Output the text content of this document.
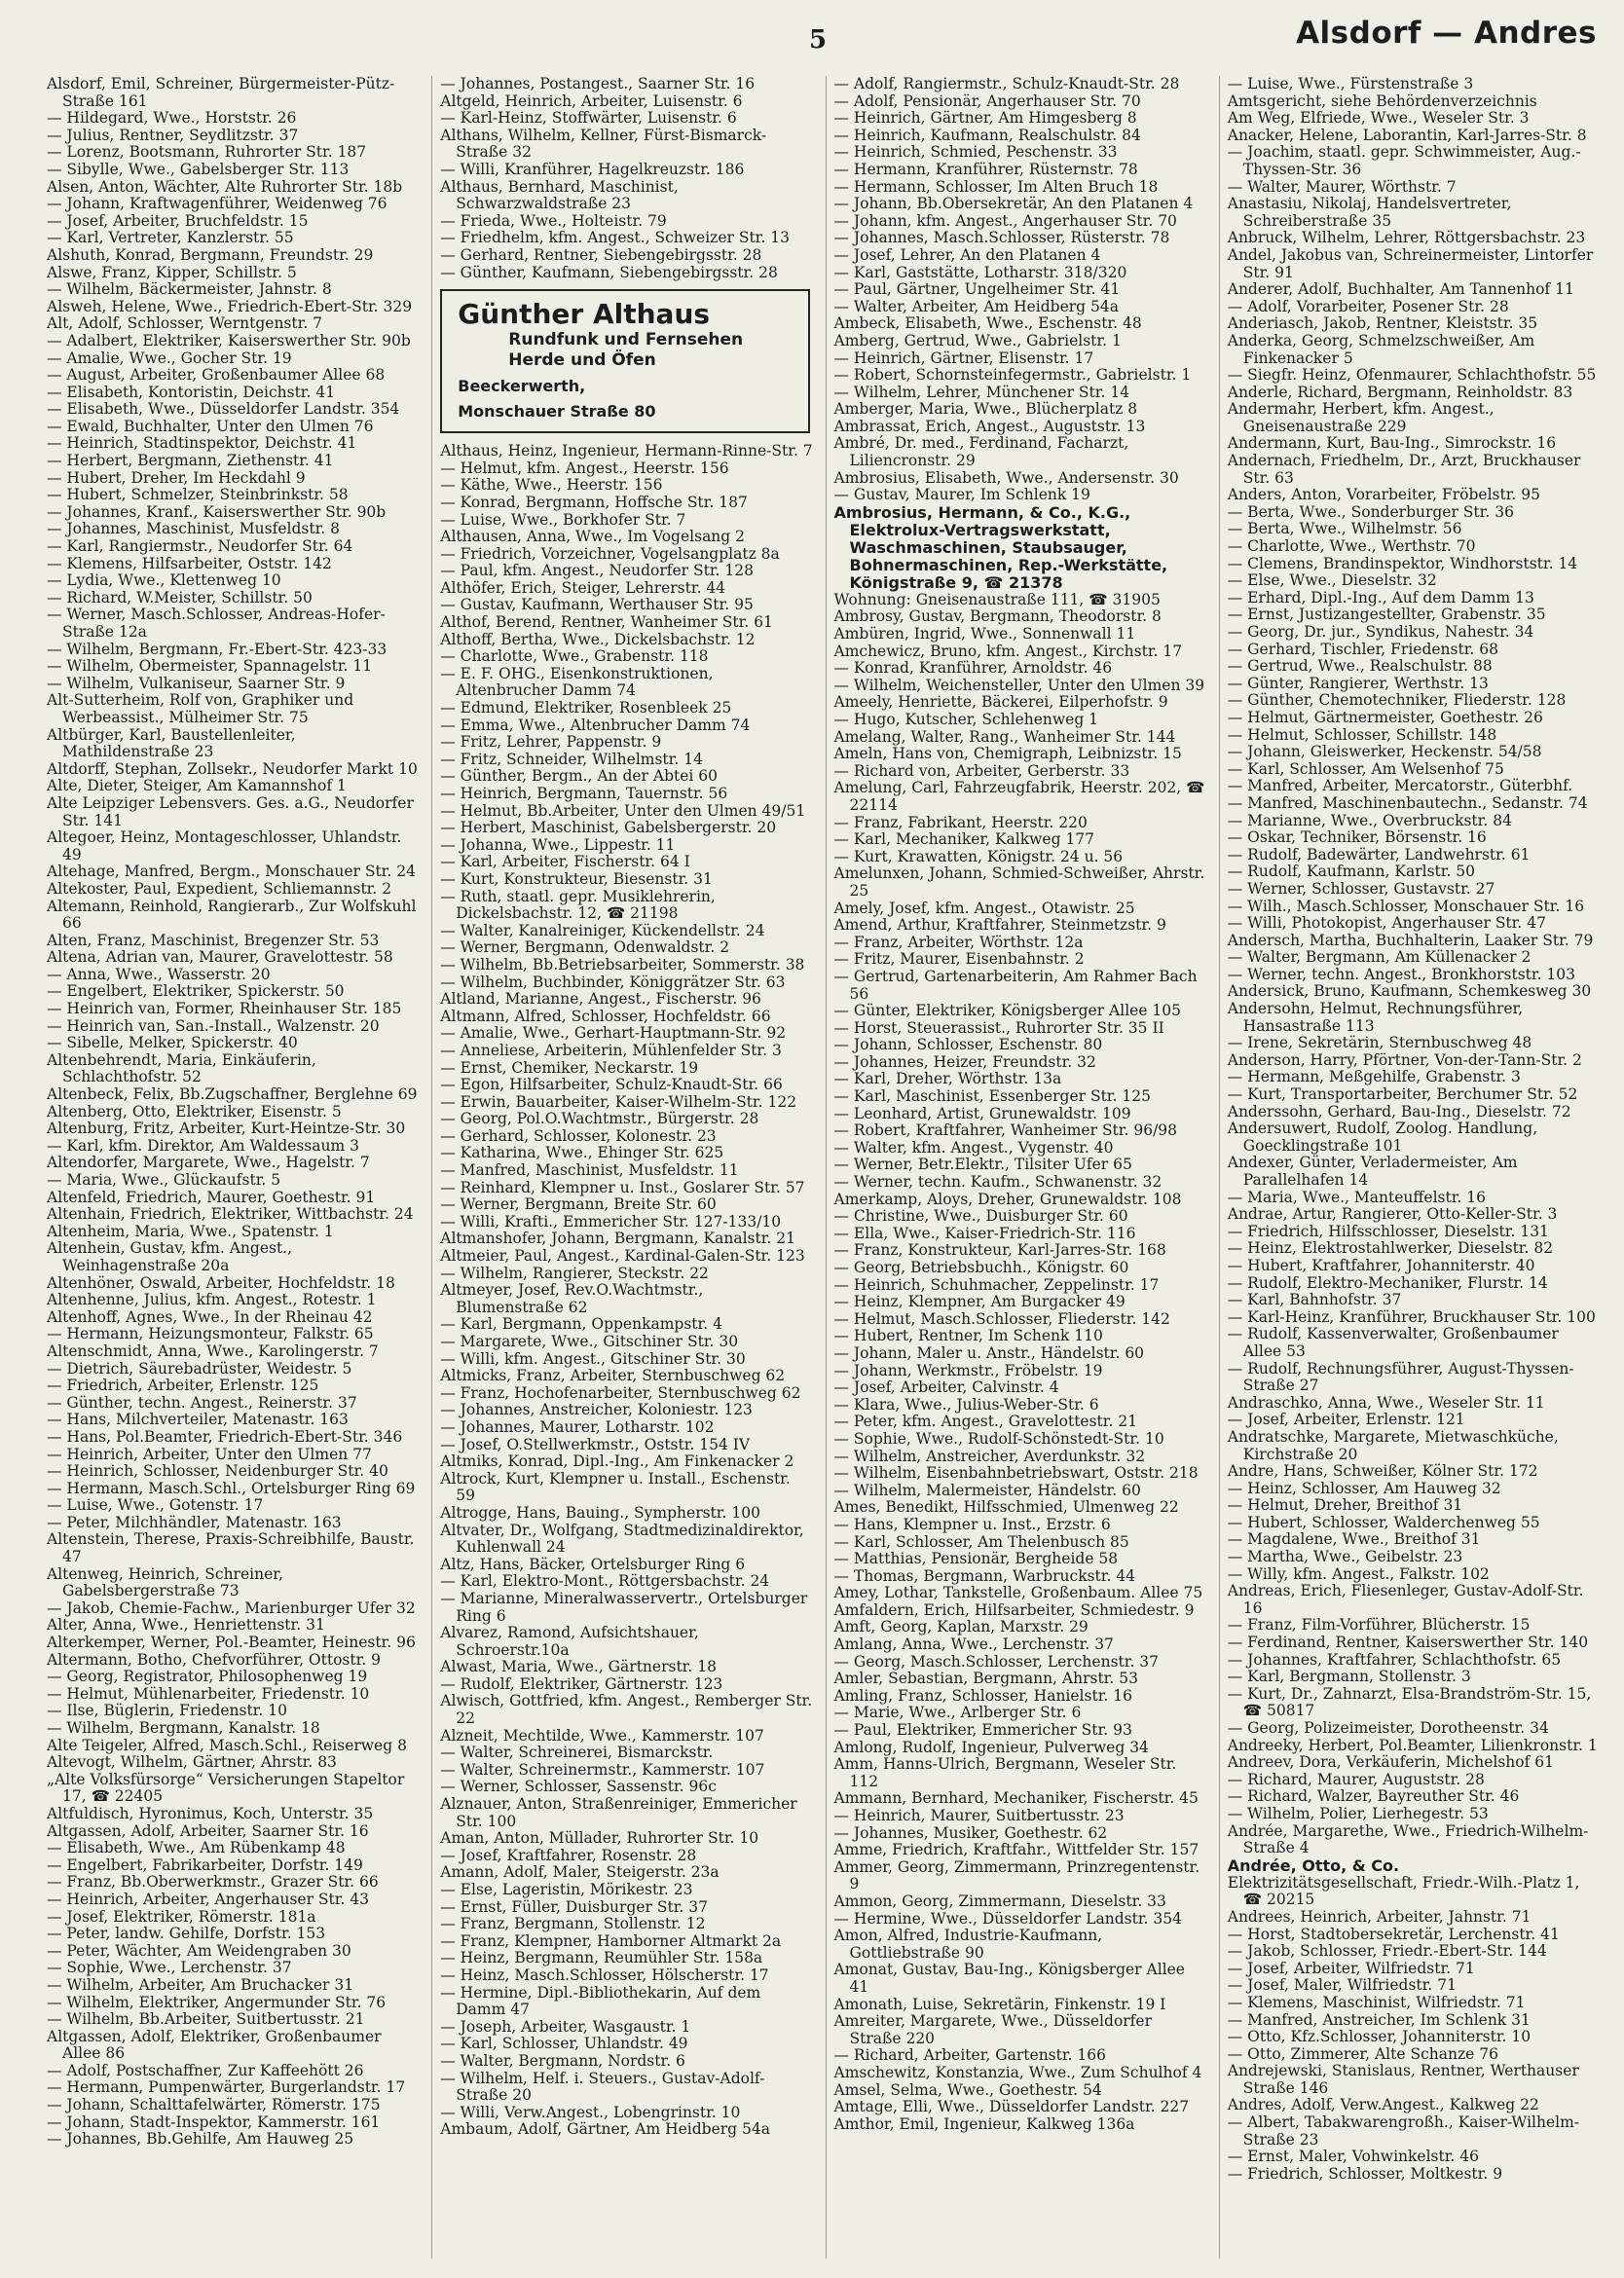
5	Alsdorf — Andres
Alsdorf, Emil, Schreiner, Bürgermeister-Pütz-Straße 161
— Hildegard, Wwe., Horststr. 26
— Julius, Rentner, Seydlitzstr. 37
— Lorenz, Bootsmann, Ruhrorter Str. 187
— Sibylle, Wwe., Gabelsberger Str. 113
Alsen, Anton, Wächter, Alte Ruhrorter Str. 18b
— Johann, Kraftwagenführer, Weidenweg 76
— Josef, Arbeiter, Bruchfeldstr. 15
— Karl, Vertreter, Kanzlerstr. 55
Alshuth, Konrad, Bergmann, Freundstr. 29
Alswe, Franz, Kipper, Schillstr. 5
— Wilhelm, Bäckermeister, Jahnstr. 8
Alsweh, Helene, Wwe., Friedrich-Ebert-Str. 329
Alt, Adolf, Schlosser, Werntgenstr. 7
— Adalbert, Elektriker, Kaiserswerther Str. 90b
— Amalie, Wwe., Gocher Str. 19
— August, Arbeiter, Großenbaumer Allee 68
— Elisabeth, Kontoristin, Deichstr. 41
— Elisabeth, Wwe., Düsseldorfer Landstr. 354
— Ewald, Buchhalter, Unter den Ulmen 76
— Heinrich, Stadtinspektor, Deichstr. 41
— Herbert, Bergmann, Ziethenstr. 41
— Hubert, Dreher, Im Heckdahl 9
— Hubert, Schmelzer, Steinbrinkstr. 58
— Johannes, Kranf., Kaiserswerther Str. 90b
— Johannes, Maschinist, Musfeldstr. 8
— Karl, Rangiermstr., Neudorfer Str. 64
— Klemens, Hilfsarbeiter, Oststr. 142
— Lydia, Wwe., Klettenweg 10
— Richard, W.Meister, Schillstr. 50
— Werner, Masch.Schlosser, Andreas-Hofer-Straße 12a
— Wilhelm, Bergmann, Fr.-Ebert-Str. 423-33
— Wilhelm, Obermeister, Spannagelstr. 11
— Wilhelm, Vulkaniseur, Saarner Str. 9
Alt-Sutterheim, Rolf von, Graphiker und Werbeassist., Mülheimer Str. 75
Altbürger, Karl, Baustellenleiter, Mathildenstraße 23
Altdorff, Stephan, Zollsekr., Neudorfer Markt 10
Alte, Dieter, Steiger, Am Kamannshof 1
Alte Leipziger Lebensvers. Ges. a.G., Neudorfer Str. 141
Altegoer, Heinz, Montageschlosser, Uhlandstr. 49
Altehage, Manfred, Bergm., Monschauer Str. 24
Altekoster, Paul, Expedient, Schliemannstr. 2
Altemann, Reinhold, Rangierarb., Zur Wolfskuhl 66
Alten, Franz, Maschinist, Bregenzer Str. 53
Altena, Adrian van, Maurer, Gravelottestr. 58
— Anna, Wwe., Wasserstr. 20
— Engelbert, Elektriker, Spickerstr. 50
— Heinrich van, Former, Rheinhauser Str. 185
— Heinrich van, San.-Install., Walzenstr. 20
— Sibelle, Melker, Spickerstr. 40
Altenbehrendt, Maria, Einkäuferin, Schlachthofstr. 52
Altenbeck, Felix, Bb.Zugschaffner, Berglehne 69
Altenberg, Otto, Elektriker, Eisenstr. 5
Altenburg, Fritz, Arbeiter, Kurt-Heintze-Str. 30
— Karl, kfm. Direktor, Am Waldessaum 3
Altendorfer, Margarete, Wwe., Hagelstr. 7
— Maria, Wwe., Glückaufstr. 5
Altenfeld, Friedrich, Maurer, Goethestr. 91
Altenhain, Friedrich, Elektriker, Wittbachstr. 24
Altenheim, Maria, Wwe., Spatenstr. 1
Altenhein, Gustav, kfm. Angest., Weinhagenstraße 20a
Altenhöner, Oswald, Arbeiter, Hochfeldstr. 18
Altenhenne, Julius, kfm. Angest., Rotestr. 1
Altenhoff, Agnes, Wwe., In der Rheinau 42
— Hermann, Heizungsmonteur, Falkstr. 65
Altenschmidt, Anna, Wwe., Karolingerstr. 7
— Dietrich, Säurebadrüster, Weidestr. 5
— Friedrich, Arbeiter, Erlenstr. 125
— Günther, techn. Angest., Reinerstr. 37
— Hans, Milchverteiler, Matenastr. 163
— Hans, Pol.Beamter, Friedrich-Ebert-Str. 346
— Heinrich, Arbeiter, Unter den Ulmen 77
— Heinrich, Schlosser, Neidenburger Str. 40
— Hermann, Masch.Schl., Ortelsburger Ring 69
— Luise, Wwe., Gotenstr. 17
— Peter, Milchhändler, Matenastr. 163
Altenstein, Therese, Praxis-Schreibhilfe, Baustr. 47
Altenweg, Heinrich, Schreiner, Gabelsbergerstraße 73
— Jakob, Chemie-Fachw., Marienburger Ufer 32
Alter, Anna, Wwe., Henriettenstr. 31
Alterkemper, Werner, Pol.-Beamter, Heinestr. 96
Altermann, Botho, Chefvorführer, Ottostr. 9
— Georg, Registrator, Philosophenweg 19
— Helmut, Mühlenarbeiter, Friedenstr. 10
— Ilse, Büglerin, Friedenstr. 10
— Wilhelm, Bergmann, Kanalstr. 18
Alte Teigeler, Alfred, Masch.Schl., Reiserweg 8
Altevogt, Wilhelm, Gärtner, Ahrstr. 83
„Alte Volksfürsorge“ Versicherungen Stapeltor 17, ☎ 22405
Altfuldisch, Hyronimus, Koch, Unterstr. 35
Altgassen, Adolf, Arbeiter, Saarner Str. 16
— Elisabeth, Wwe., Am Rübenkamp 48
— Engelbert, Fabrikarbeiter, Dorfstr. 149
— Franz, Bb.Oberwerkmstr., Grazer Str. 66
— Heinrich, Arbeiter, Angerhauser Str. 43
— Josef, Elektriker, Römerstr. 181a
— Peter, landw. Gehilfe, Dorfstr. 153
— Peter, Wächter, Am Weidengraben 30
— Sophie, Wwe., Lerchenstr. 37
— Wilhelm, Arbeiter, Am Bruchacker 31
— Wilhelm, Elektriker, Angermunder Str. 76
— Wilhelm, Bb.Arbeiter, Suitbertusstr. 21
Altgassen, Adolf, Elektriker, Großenbaumer Allee 86
— Adolf, Postschaffner, Zur Kaffeehött 26
— Hermann, Pumpenwärter, Burgerlandstr. 17
— Johann, Schalttafelwärter, Römerstr. 175
— Johann, Stadt-Inspektor, Kammerstr. 161
— Johannes, Bb.Gehilfe, Am Hauweg 25
— Johannes, Postangest., Saarner Str. 16
Altgeld, Heinrich, Arbeiter, Luisenstr. 6
— Karl-Heinz, Stoffwärter, Luisenstr. 6
Althans, Wilhelm, Kellner, Fürst-Bismarck-Straße 32
— Willi, Kranführer, Hagelkreuzstr. 186
Althaus, Bernhard, Maschinist, Schwarzwaldstraße 23
— Frieda, Wwe., Holteistr. 79
— Friedhelm, kfm. Angest., Schweizer Str. 13
— Gerhard, Rentner, Siebengebirgsstr. 28
— Günther, Kaufmann, Siebengebirgsstr. 28
Günther Althaus
Rundfunk und Fernsehen
Herde und Öfen
Beeckerwerth,
Monschauer Straße 80
Althaus, Heinz, Ingenieur, Hermann-Rinne-Str. 7
— Helmut, kfm. Angest., Heerstr. 156
— Käthe, Wwe., Heerstr. 156
— Konrad, Bergmann, Hoffsche Str. 187
— Luise, Wwe., Borkhofer Str. 7
Althausen, Anna, Wwe., Im Vogelsang 2
— Friedrich, Vorzeichner, Vogelsangplatz 8a
— Paul, kfm. Angest., Neudorfer Str. 128
Althöfer, Erich, Steiger, Lehrerstr. 44
— Gustav, Kaufmann, Werthauser Str. 95
Althof, Berend, Rentner, Wanheimer Str. 61
Althoff, Bertha, Wwe., Dickelsbachstr. 12
— Charlotte, Wwe., Grabenstr. 118
— E. F. OHG., Eisenkonstruktionen, Altenbrucher Damm 74
— Edmund, Elektriker, Rosenbleek 25
— Emma, Wwe., Altenbrucher Damm 74
— Fritz, Lehrer, Pappenstr. 9
— Fritz, Schneider, Wilhelmstr. 14
— Günther, Bergm., An der Abtei 60
— Heinrich, Bergmann, Tauernstr. 56
— Helmut, Bb.Arbeiter, Unter den Ulmen 49/51
— Herbert, Maschinist, Gabelsbergerstr. 20
— Johanna, Wwe., Lippestr. 11
— Karl, Arbeiter, Fischerstr. 64 I
— Kurt, Konstrukteur, Biesenstr. 31
— Ruth, staatl. gepr. Musiklehrerin, Dickelsbachstr. 12, ☎ 21198
— Walter, Kanalreiniger, Kückendellstr. 24
— Werner, Bergmann, Odenwaldstr. 2
— Wilhelm, Bb.Betriebsarbeiter, Sommerstr. 38
— Wilhelm, Buchbinder, Königgrätzer Str. 63
Altland, Marianne, Angest., Fischerstr. 96
Altmann, Alfred, Schlosser, Hochfeldstr. 66
— Amalie, Wwe., Gerhart-Hauptmann-Str. 92
— Anneliese, Arbeiterin, Mühlenfelder Str. 3
— Ernst, Chemiker, Neckarstr. 19
— Egon, Hilfsarbeiter, Schulz-Knaudt-Str. 66
— Erwin, Bauarbeiter, Kaiser-Wilhelm-Str. 122
— Georg, Pol.O.Wachtmstr., Bürgerstr. 28
— Gerhard, Schlosser, Kolonestr. 23
— Katharina, Wwe., Ehinger Str. 625
— Manfred, Maschinist, Musfeldstr. 11
— Reinhard, Klempner u. Inst., Goslarer Str. 57
— Werner, Bergmann, Breite Str. 60
— Willi, Krafti., Emmericher Str. 127-133/10
Altmanshofer, Johann, Bergmann, Kanalstr. 21
Altmeier, Paul, Angest., Kardinal-Galen-Str. 123
— Wilhelm, Rangierer, Steckstr. 22
Altmeyer, Josef, Rev.O.Wachtmstr., Blumenstraße 62
— Karl, Bergmann, Oppenkampstr. 4
— Margarete, Wwe., Gitschiner Str. 30
— Willi, kfm. Angest., Gitschiner Str. 30
Altmicks, Franz, Arbeiter, Sternbuschweg 62
— Franz, Hochofenarbeiter, Sternbuschweg 62
— Johannes, Anstreicher, Koloniestr. 123
— Johannes, Maurer, Lotharstr. 102
— Josef, O.Stellwerkmstr., Oststr. 154 IV
Altmiks, Konrad, Dipl.-Ing., Am Finkenacker 2
Altrock, Kurt, Klempner u. Install., Eschenstr. 59
Altrogge, Hans, Bauing., Sympherstr. 100
Altvater, Dr., Wolfgang, Stadtmedizinaldirektor, Kuhlenwall 24
Altz, Hans, Bäcker, Ortelsburger Ring 6
— Karl, Elektro-Mont., Röttgersbachstr. 24
— Marianne, Mineralwasservertr., Ortelsburger Ring 6
Alvarez, Ramond, Aufsichtshauer, Schroerstr.10a
Alwast, Maria, Wwe., Gärtnerstr. 18
— Rudolf, Elektriker, Gärtnerstr. 123
Alwisch, Gottfried, kfm. Angest., Remberger Str. 22
Alzneit, Mechtilde, Wwe., Kammerstr. 107
— Walter, Schreinerei, Bismarckstr.
— Walter, Schreinermstr., Kammerstr. 107
— Werner, Schlosser, Sassenstr. 96c
Alznauer, Anton, Straßenreiniger, Emmericher Str. 100
Aman, Anton, Müllader, Ruhrorter Str. 10
— Josef, Kraftfahrer, Rosenstr. 28
Amann, Adolf, Maler, Steigerstr. 23a
— Else, Lageristin, Mörikestr. 23
— Ernst, Füller, Duisburger Str. 37
— Franz, Bergmann, Stollenstr. 12
— Franz, Klempner, Hamborner Altmarkt 2a
— Heinz, Bergmann, Reumühler Str. 158a
— Heinz, Masch.Schlosser, Hölscherstr. 17
— Hermine, Dipl.-Bibliothekarin, Auf dem Damm 47
— Joseph, Arbeiter, Wasgaustr. 1
— Karl, Schlosser, Uhlandstr. 49
— Walter, Bergmann, Nordstr. 6
— Wilhelm, Helf. i. Steuers., Gustav-Adolf-Straße 20
— Willi, Verw.Angest., Lobengrinstr. 10
Ambaum, Adolf, Gärtner, Am Heidberg 54a
— Adolf, Rangiermstr., Schulz-Knaudt-Str. 28
— Adolf, Pensionär, Angerhauser Str. 70
— Heinrich, Gärtner, Am Himgesberg 8
— Heinrich, Kaufmann, Realschulstr. 84
— Heinrich, Schmied, Peschenstr. 33
— Hermann, Kranführer, Rüsternstr. 78
— Hermann, Schlosser, Im Alten Bruch 18
— Johann, Bb.Obersekretär, An den Platanen 4
— Johann, kfm. Angest., Angerhauser Str. 70
— Johannes, Masch.Schlosser, Rüsterstr. 78
— Josef, Lehrer, An den Platanen 4
— Karl, Gaststätte, Lotharstr. 318/320
— Paul, Gärtner, Ungelheimer Str. 41
— Walter, Arbeiter, Am Heidberg 54a
Ambeck, Elisabeth, Wwe., Eschenstr. 48
Amberg, Gertrud, Wwe., Gabrielstr. 1
— Heinrich, Gärtner, Elisenstr. 17
— Robert, Schornsteinfegermstr., Gabrielstr. 1
— Wilhelm, Lehrer, Münchener Str. 14
Amberger, Maria, Wwe., Blücherplatz 8
Ambrassat, Erich, Angest., Auguststr. 13
Ambré, Dr. med., Ferdinand, Facharzt, Liliencronstr. 29
Ambrosius, Elisabeth, Wwe., Andersenstr. 30
— Gustav, Maurer, Im Schlenk 19
Ambrosius, Hermann, & Co., K.G., Elektrolux-Vertragswerkstatt, Waschmaschinen, Staubsauger, Bohnermaschinen, Rep.-Werkstätte, Königstraße 9, ☎ 21378
Wohnung: Gneisenaustraße 111, ☎ 31905
Ambrosy, Gustav, Bergmann, Theodorstr. 8
Ambüren, Ingrid, Wwe., Sonnenwall 11
Amchewicz, Bruno, kfm. Angest., Kirchstr. 17
— Konrad, Kranführer, Arnoldstr. 46
— Wilhelm, Weichensteller, Unter den Ulmen 39
Ameely, Henriette, Bäckerei, Eilperhofstr. 9
— Hugo, Kutscher, Schlehenweg 1
Amelang, Walter, Rang., Wanheimer Str. 144
Ameln, Hans von, Chemigraph, Leibnizstr. 15
— Richard von, Arbeiter, Gerberstr. 33
Amelung, Carl, Fahrzeugfabrik, Heerstr. 202, ☎ 22114
— Franz, Fabrikant, Heerstr. 220
— Karl, Mechaniker, Kalkweg 177
— Kurt, Krawatten, Königstr. 24 u. 56
Amelunxen, Johann, Schmied-Schweißer, Ahrstr. 25
Amely, Josef, kfm. Angest., Otawistr. 25
Amend, Arthur, Kraftfahrer, Steinmetzstr. 9
— Franz, Arbeiter, Wörthstr. 12a
— Fritz, Maurer, Eisenbahnstr. 2
— Gertrud, Gartenarbeiterin, Am Rahmer Bach 56
— Günter, Elektriker, Königsberger Allee 105
— Horst, Steuerassist., Ruhrorter Str. 35 II
— Johann, Schlosser, Eschenstr. 80
— Johannes, Heizer, Freundstr. 32
— Karl, Dreher, Wörthstr. 13a
— Karl, Maschinist, Essenberger Str. 125
— Leonhard, Artist, Grunewaldstr. 109
— Robert, Kraftfahrer, Wanheimer Str. 96/98
— Walter, kfm. Angest., Vygenstr. 40
— Werner, Betr.Elektr., Tilsiter Ufer 65
— Werner, techn. Kaufm., Schwanenstr. 32
Amerkamp, Aloys, Dreher, Grunewaldstr. 108
— Christine, Wwe., Duisburger Str. 60
— Ella, Wwe., Kaiser-Friedrich-Str. 116
— Franz, Konstrukteur, Karl-Jarres-Str. 168
— Georg, Betriebsbuchh., Königstr. 60
— Heinrich, Schuhmacher, Zeppelinstr. 17
— Heinz, Klempner, Am Burgacker 49
— Helmut, Masch.Schlosser, Fliederstr. 142
— Hubert, Rentner, Im Schenk 110
— Johann, Maler u. Anstr., Händelstr. 60
— Johann, Werkmstr., Fröbelstr. 19
— Josef, Arbeiter, Calvinstr. 4
— Klara, Wwe., Julius-Weber-Str. 6
— Peter, kfm. Angest., Gravelottestr. 21
— Sophie, Wwe., Rudolf-Schönstedt-Str. 10
— Wilhelm, Anstreicher, Averdunkstr. 32
— Wilhelm, Eisenbahnbetriebswart, Oststr. 218
— Wilhelm, Malermeister, Händelstr. 60
Ames, Benedikt, Hilfsschmied, Ulmenweg 22
— Hans, Klempner u. Inst., Erzstr. 6
— Karl, Schlosser, Am Thelenbusch 85
— Matthias, Pensionär, Bergheide 58
— Thomas, Bergmann, Warbruckstr. 44
Amey, Lothar, Tankstelle, Großenbaum. Allee 75
Amfaldern, Erich, Hilfsarbeiter, Schmiedestr. 9
Amft, Georg, Kaplan, Marxstr. 29
Amlang, Anna, Wwe., Lerchenstr. 37
— Georg, Masch.Schlosser, Lerchenstr. 37
Amler, Sebastian, Bergmann, Ahrstr. 53
Amling, Franz, Schlosser, Hanielstr. 16
— Marie, Wwe., Arlberger Str. 6
— Paul, Elektriker, Emmericher Str. 93
Amlong, Rudolf, Ingenieur, Pulverweg 34
Amm, Hanns-Ulrich, Bergmann, Weseler Str. 112
Ammann, Bernhard, Mechaniker, Fischerstr. 45
— Heinrich, Maurer, Suitbertusstr. 23
— Johannes, Musiker, Goethestr. 62
Amme, Friedrich, Kraftfahr., Wittfelder Str. 157
Ammer, Georg, Zimmermann, Prinzregentenstr. 9
Ammon, Georg, Zimmermann, Dieselstr. 33
— Hermine, Wwe., Düsseldorfer Landstr. 354
Amon, Alfred, Industrie-Kaufmann, Gottliebstraße 90
Amonat, Gustav, Bau-Ing., Königsberger Allee 41
Amonath, Luise, Sekretärin, Finkenstr. 19 I
Amreiter, Margarete, Wwe., Düsseldorfer Straße 220
— Richard, Arbeiter, Gartenstr. 166
Amschewitz, Konstanzia, Wwe., Zum Schulhof 4
Amsel, Selma, Wwe., Goethestr. 54
Amtage, Elli, Wwe., Düsseldorfer Landstr. 227
Amthor, Emil, Ingenieur, Kalkweg 136a
— Luise, Wwe., Fürstenstraße 3
Amtsgericht, siehe Behördenverzeichnis
Am Weg, Elfriede, Wwe., Weseler Str. 3
Anacker, Helene, Laborantin, Karl-Jarres-Str. 8
— Joachim, staatl. gepr. Schwimmeister, Aug.-Thyssen-Str. 36
— Walter, Maurer, Wörthstr. 7
Anastasiu, Nikolaj, Handelsvertreter, Schreiberstraße 35
Anbruck, Wilhelm, Lehrer, Röttgersbachstr. 23
Andel, Jakobus van, Schreinermeister, Lintorfer Str. 91
Anderer, Adolf, Buchhalter, Am Tannenhof 11
— Adolf, Vorarbeiter, Posener Str. 28
Anderiasch, Jakob, Rentner, Kleiststr. 35
Anderka, Georg, Schmelzschweißer, Am Finkenacker 5
— Siegfr. Heinz, Ofenmaurer, Schlachthofstr. 55
Anderle, Richard, Bergmann, Reinholdstr. 83
Andermahr, Herbert, kfm. Angest., Gneisenaustraße 229
Andermann, Kurt, Bau-Ing., Simrockstr. 16
Andernach, Friedhelm, Dr., Arzt, Bruckhauser Str. 63
Anders, Anton, Vorarbeiter, Fröbelstr. 95
— Berta, Wwe., Sonderburger Str. 36
— Berta, Wwe., Wilhelmstr. 56
— Charlotte, Wwe., Werthstr. 70
— Clemens, Brandinspektor, Windhorststr. 14
— Else, Wwe., Dieselstr. 32
— Erhard, Dipl.-Ing., Auf dem Damm 13
— Ernst, Justizangestellter, Grabenstr. 35
— Georg, Dr. jur., Syndikus, Nahestr. 34
— Gerhard, Tischler, Friedenstr. 68
— Gertrud, Wwe., Realschulstr. 88
— Günter, Rangierer, Werthstr. 13
— Günther, Chemotechniker, Fliederstr. 128
— Helmut, Gärtnermeister, Goethestr. 26
— Helmut, Schlosser, Schillstr. 148
— Johann, Gleiswerker, Heckenstr. 54/58
— Karl, Schlosser, Am Welsenhof 75
— Manfred, Arbeiter, Mercatorstr., Güterbhf.
— Manfred, Maschinenbautechn., Sedanstr. 74
— Marianne, Wwe., Overbruckstr. 84
— Oskar, Techniker, Börsenstr. 16
— Rudolf, Badewärter, Landwehrstr. 61
— Rudolf, Kaufmann, Karlstr. 50
— Werner, Schlosser, Gustavstr. 27
— Wilh., Masch.Schlosser, Monschauer Str. 16
— Willi, Photokopist, Angerhauser Str. 47
Andersch, Martha, Buchhalterin, Laaker Str. 79
— Walter, Bergmann, Am Küllenacker 2
— Werner, techn. Angest., Bronkhorststr. 103
Andersick, Bruno, Kaufmann, Schemkesweg 30
Andersohn, Helmut, Rechnungsführer, Hansastraße 113
— Irene, Sekretärin, Sternbuschweg 48
Anderson, Harry, Pförtner, Von-der-Tann-Str. 2
— Hermann, Meßgehilfe, Grabenstr. 3
— Kurt, Transportarbeiter, Berchumer Str. 52
Anderssohn, Gerhard, Bau-Ing., Dieselstr. 72
Andersuwert, Rudolf, Zoolog. Handlung, Goecklingstraße 101
Andexer, Günter, Verladermeister, Am Parallelhafen 14
— Maria, Wwe., Manteuffelstr. 16
Andrae, Artur, Rangierer, Otto-Keller-Str. 3
— Friedrich, Hilfsschlosser, Dieselstr. 131
— Heinz, Elektrostahlwerker, Dieselstr. 82
— Hubert, Kraftfahrer, Johanniterstr. 40
— Rudolf, Elektro-Mechaniker, Flurstr. 14
— Karl, Bahnhofstr. 37
— Karl-Heinz, Kranführer, Bruckhauser Str. 100
— Rudolf, Kassenverwalter, Großenbaumer Allee 53
— Rudolf, Rechnungsführer, August-Thyssen-Straße 27
Andraschko, Anna, Wwe., Weseler Str. 11
— Josef, Arbeiter, Erlenstr. 121
Andratschke, Margarete, Mietwaschküche, Kirchstraße 20
Andre, Hans, Schweißer, Kölner Str. 172
— Heinz, Schlosser, Am Hauweg 32
— Helmut, Dreher, Breithof 31
— Hubert, Schlosser, Walderchenweg 55
— Magdalene, Wwe., Breithof 31
— Martha, Wwe., Geibelstr. 23
— Willy, kfm. Angest., Falkstr. 102
Andreas, Erich, Fliesenleger, Gustav-Adolf-Str. 16
— Franz, Film-Vorführer, Blücherstr. 15
— Ferdinand, Rentner, Kaiserswerther Str. 140
— Johannes, Kraftfahrer, Schlachthofstr. 65
— Karl, Bergmann, Stollenstr. 3
— Kurt, Dr., Zahnarzt, Elsa-Brandström-Str. 15, ☎ 50817
— Georg, Polizeimeister, Dorotheenstr. 34
Andreeky, Herbert, Pol.Beamter, Lilienkronstr. 1
Andreev, Dora, Verkäuferin, Michelshof 61
— Richard, Maurer, Auguststr. 28
— Richard, Walzer, Bayreuther Str. 46
— Wilhelm, Polier, Lierhegestr. 53
Andrée, Margarethe, Wwe., Friedrich-Wilhelm-Straße 4
Andrée, Otto, & Co.
Elektrizitätsgesellschaft, Friedr.-Wilh.-Platz 1, ☎ 20215
Andrees, Heinrich, Arbeiter, Jahnstr. 71
— Horst, Stadtobersekretär, Lerchenstr. 41
— Jakob, Schlosser, Friedr.-Ebert-Str. 144
— Josef, Arbeiter, Wilfriedstr. 71
— Josef, Maler, Wilfriedstr. 71
— Klemens, Maschinist, Wilfriedstr. 71
— Manfred, Anstreicher, Im Schlenk 31
— Otto, Kfz.Schlosser, Johanniterstr. 10
— Otto, Zimmerer, Alte Schanze 76
Andrejewski, Stanislaus, Rentner, Werthauser Straße 146
Andres, Adolf, Verw.Angest., Kalkweg 22
— Albert, Tabakwarengroßh., Kaiser-Wilhelm-Straße 23
— Ernst, Maler, Vohwinkelstr. 46
— Friedrich, Schlosser, Moltkestr. 9
